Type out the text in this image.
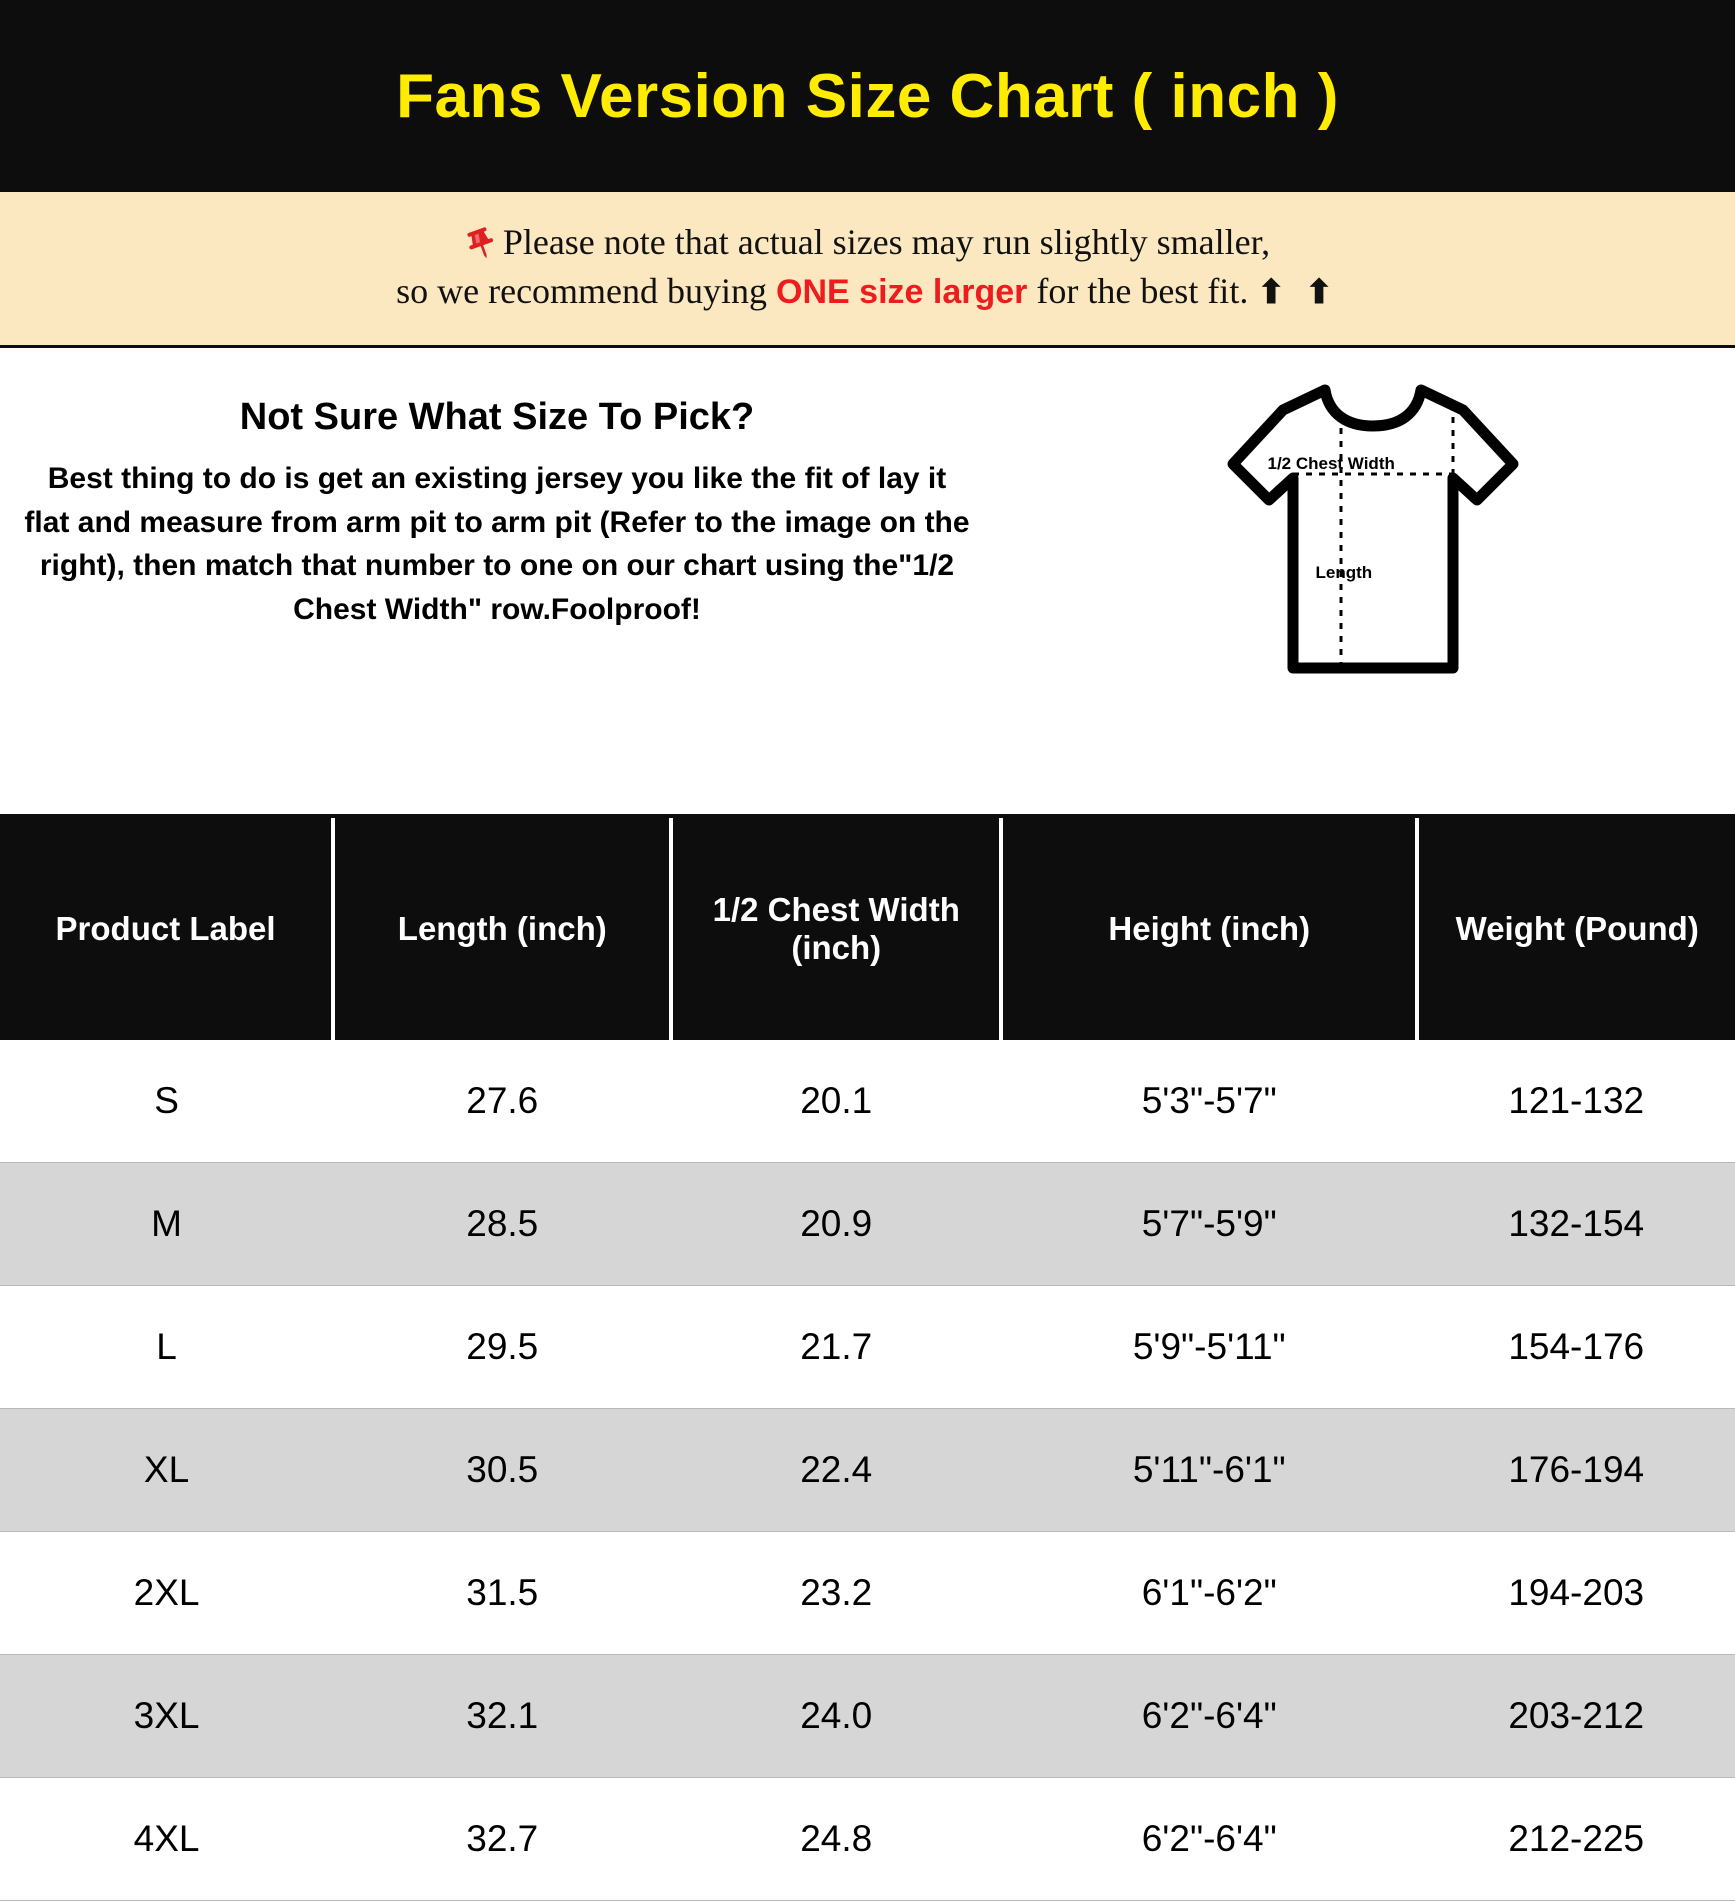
Fans Version Size Chart ( inch )
Please note that actual sizes may run slightly smaller,
so we recommend buying ONE size larger for the best fit. ⬆ ⬆
Not Sure What Size To Pick?
Best thing to do is get an existing jersey you like the fit of lay it flat and measure from arm pit to arm pit (Refer to the image on the right), then match that number to one on our chart using the"1/2 Chest Width" row.Foolproof!
1/2 Chest Width
Length
Product Label	Length (inch)	1/2 Chest Width (inch)	Height (inch)	Weight (Pound)
S	27.6	20.1	5'3"-5'7"	121-132
M	28.5	20.9	5'7"-5'9"	132-154
L	29.5	21.7	5'9"-5'11"	154-176
XL	30.5	22.4	5'11"-6'1"	176-194
2XL	31.5	23.2	6'1"-6'2"	194-203
3XL	32.1	24.0	6'2"-6'4"	203-212
4XL	32.7	24.8	6'2"-6'4"	212-225
